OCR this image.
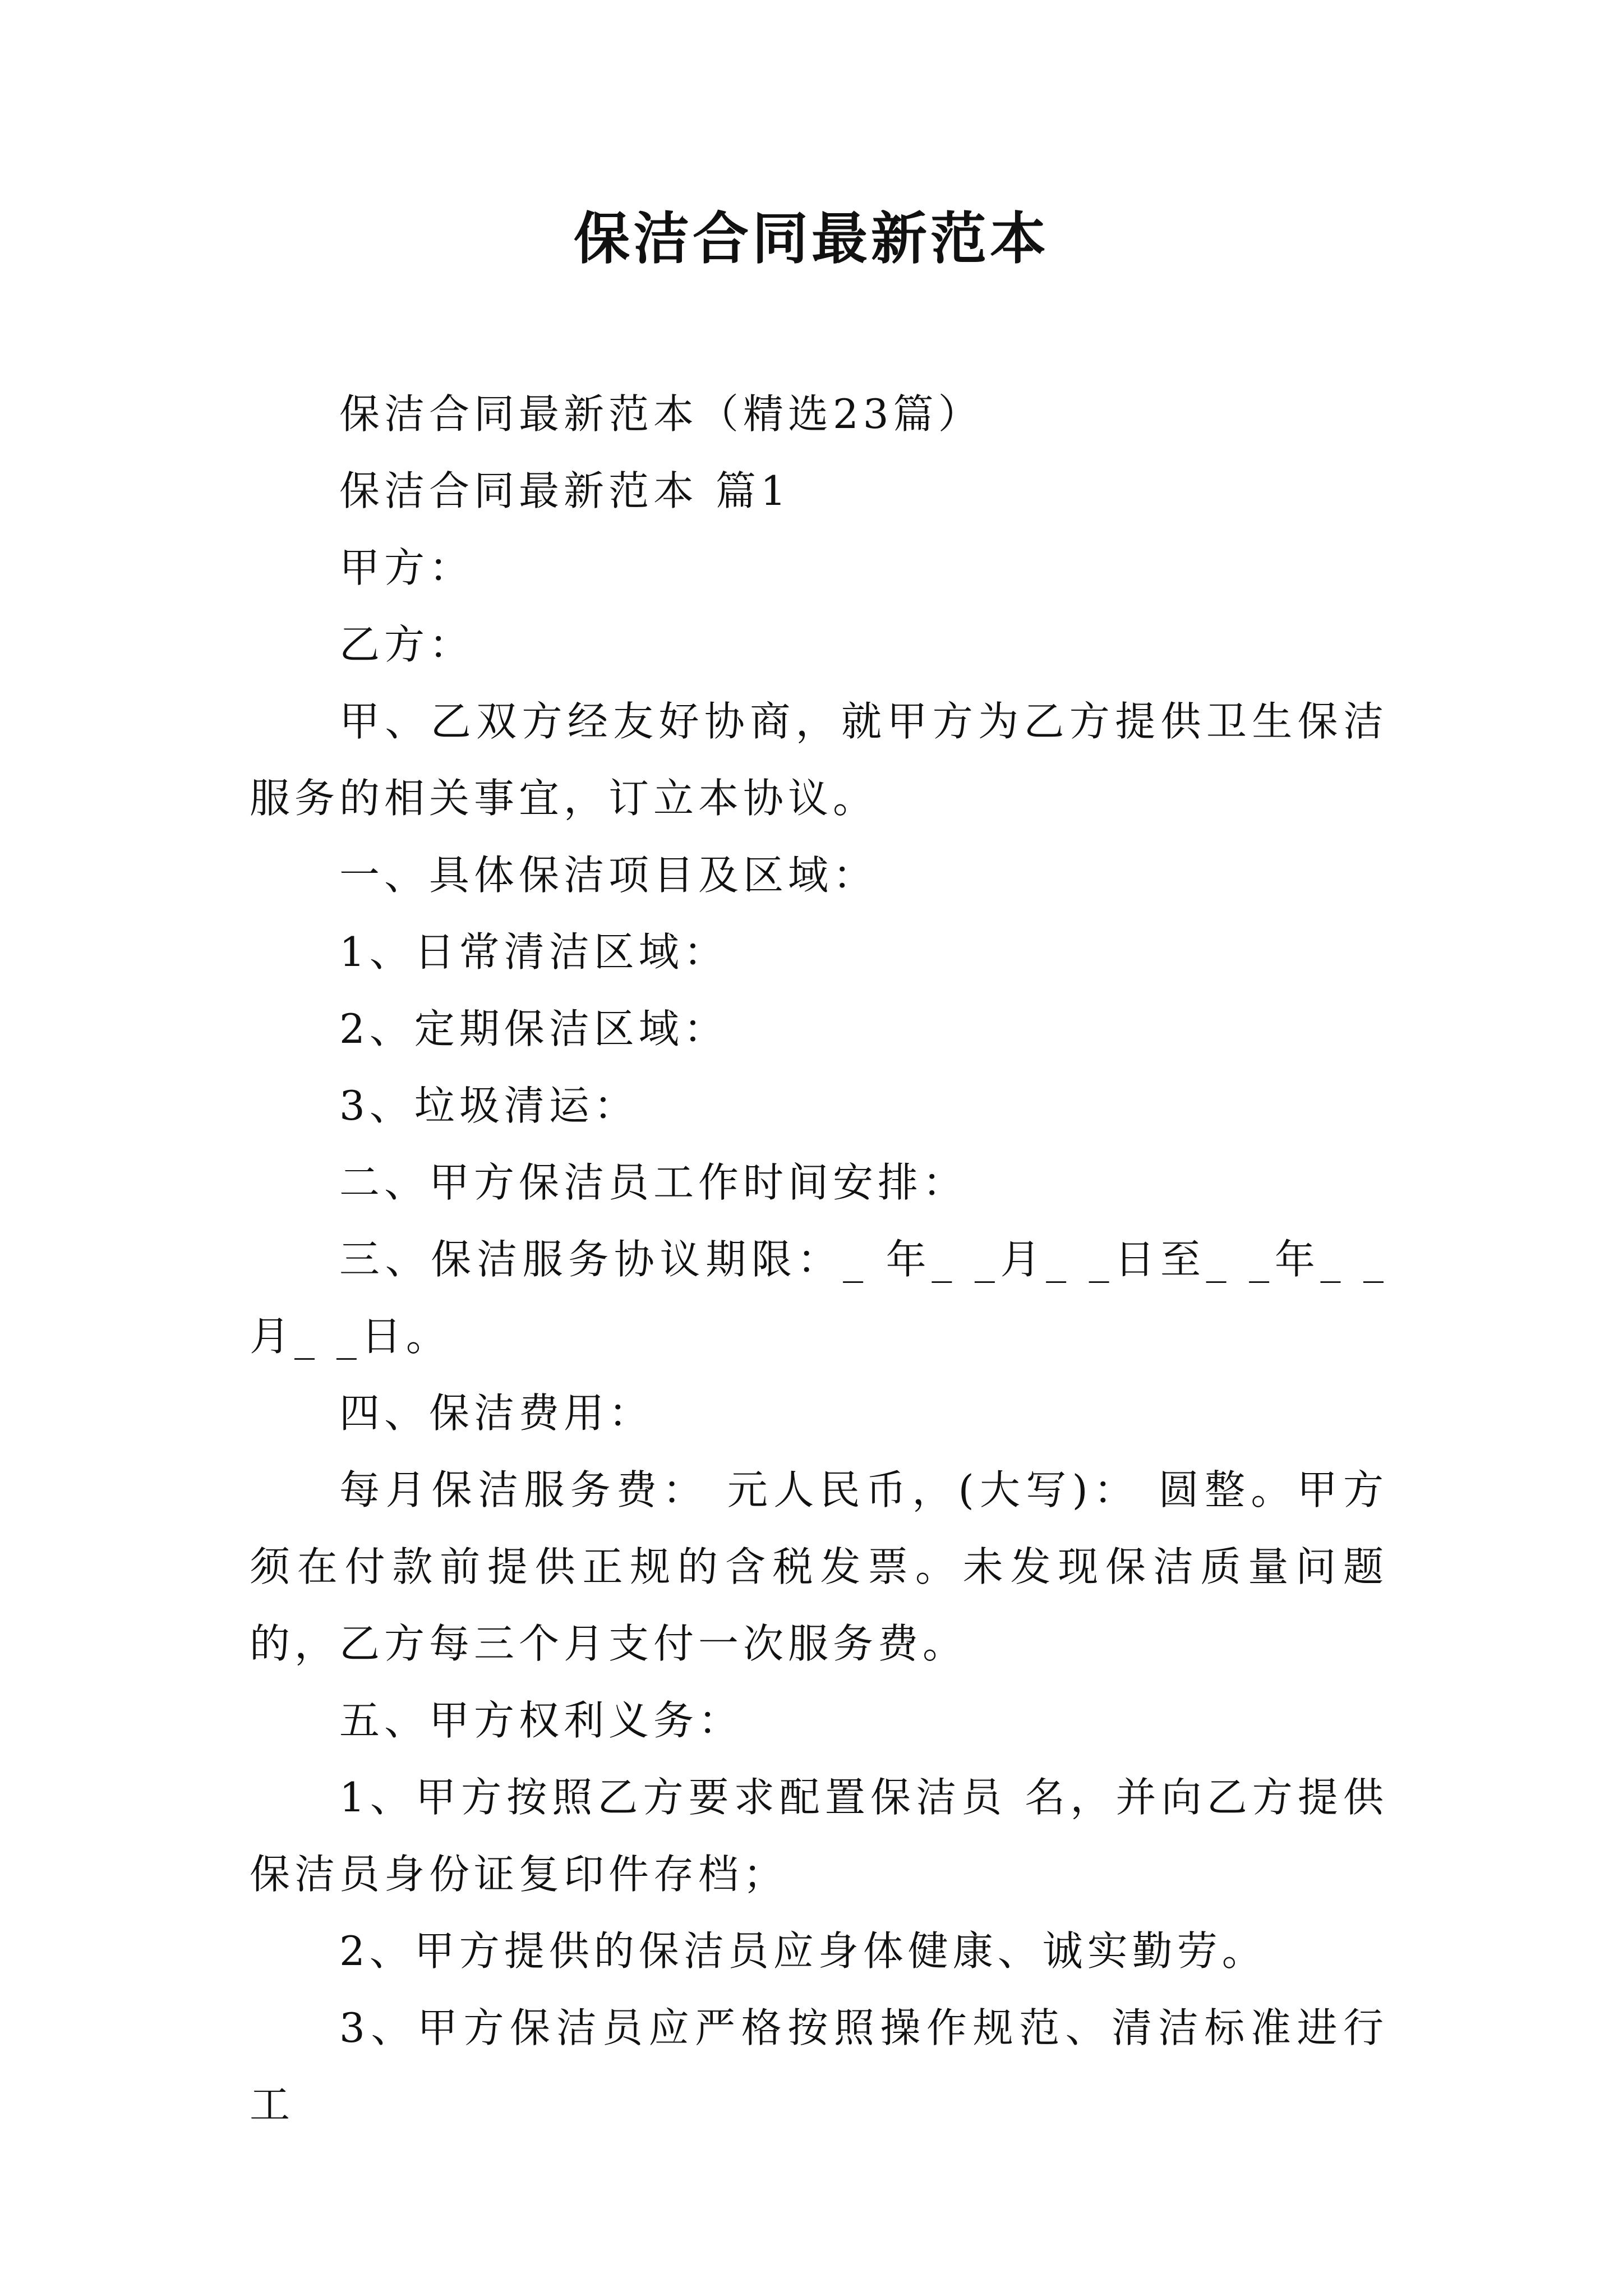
保洁合同最新范本

保洁合同最新范本（精选23篇）

保洁合同最新范本 篇1

甲方：

乙方：

甲、乙双方经友好协商，就甲方为乙方提供卫生保洁服务的相关事宜，订立本协议。

一、具体保洁项目及区域：

1、日常清洁区域：

2、定期保洁区域：

3、垃圾清运：

二、甲方保洁员工作时间安排：

三、保洁服务协议期限：_ 年_ _月_ _日至_ _年_ _月_ _日。

四、保洁费用：

每月保洁服务费： 元人民币，(大写)： 圆整。甲方须在付款前提供正规的含税发票。未发现保洁质量问题的，乙方每三个月支付一次服务费。

五、甲方权利义务：

1、甲方按照乙方要求配置保洁员 名，并向乙方提供保洁员身份证复印件存档；

2、甲方提供的保洁员应身体健康、诚实勤劳。

3、甲方保洁员应严格按照操作规范、清洁标准进行工
